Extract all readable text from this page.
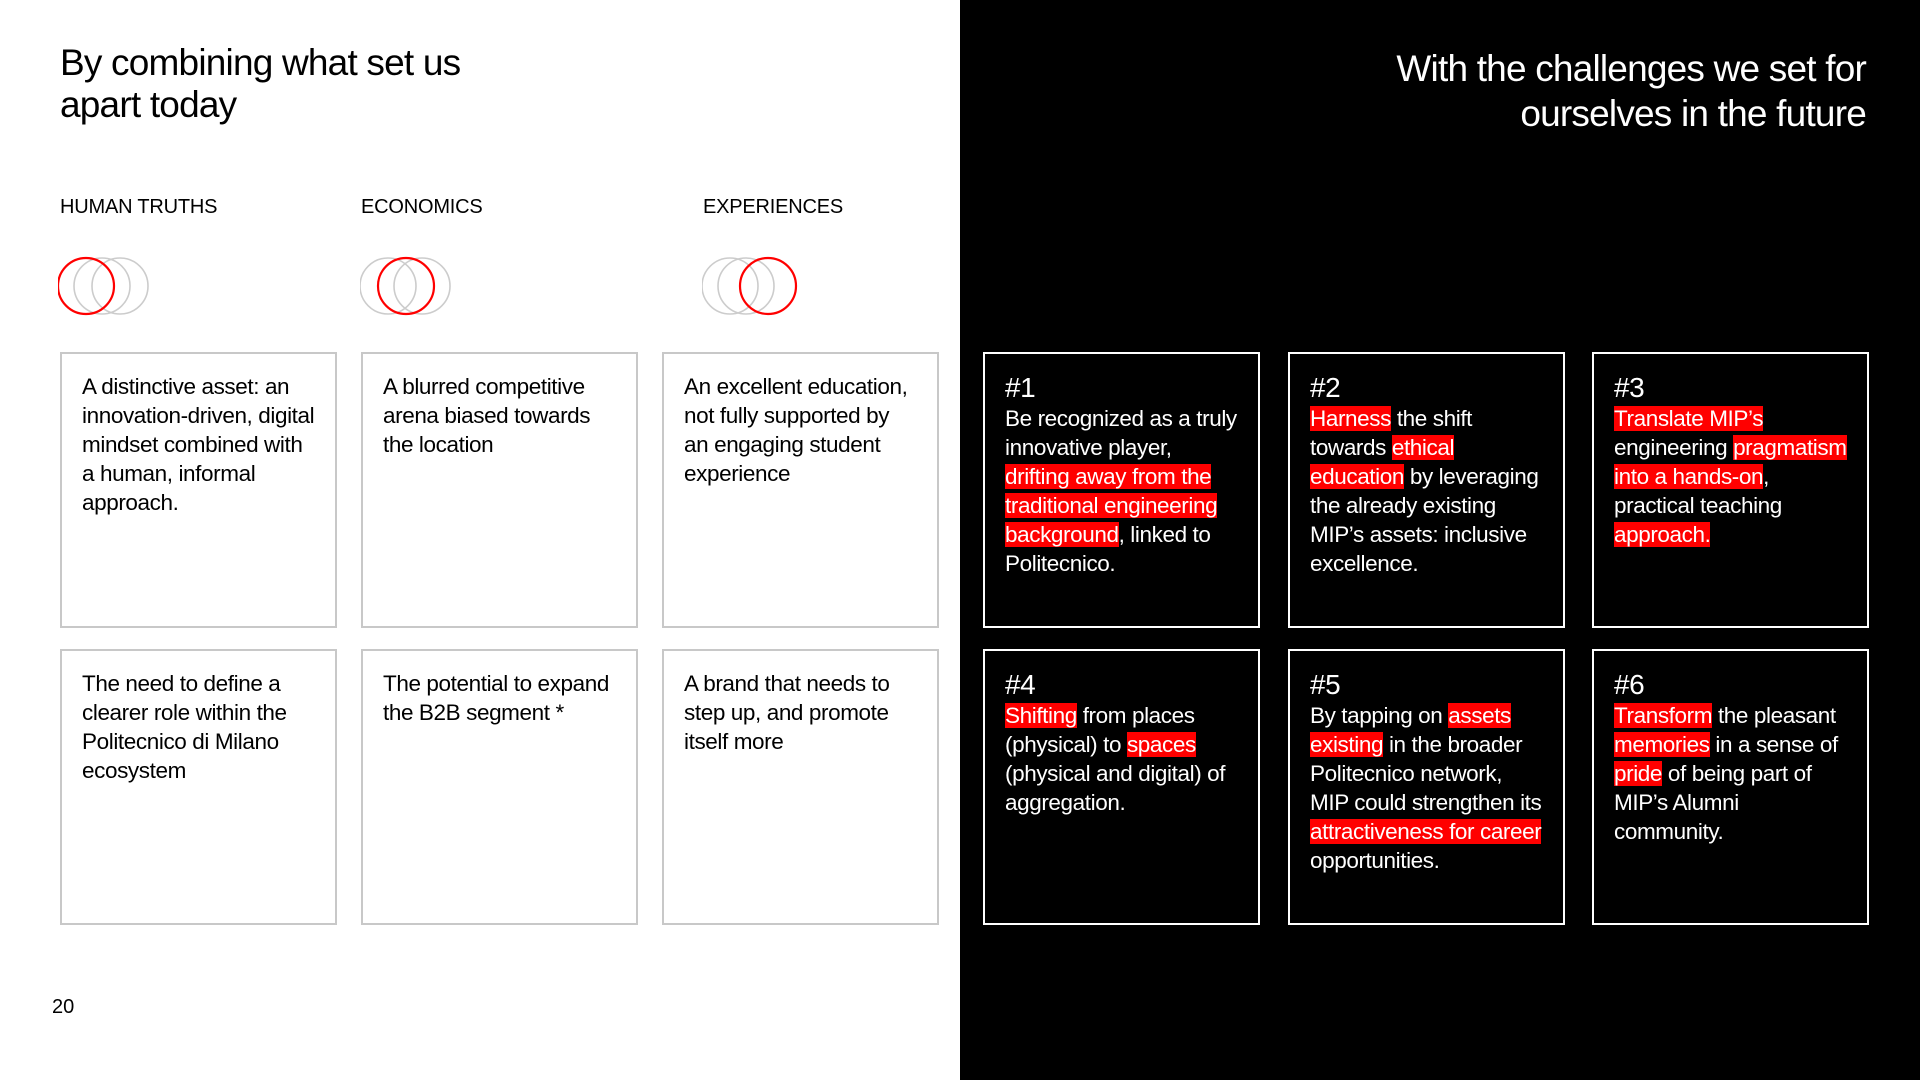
By combining what set us apart today
HUMAN TRUTHS	ECONOMICS	EXPERIENCES
A distinctive asset: an innovation-driven, digital mindset combined with a human, informal approach.
A blurred competitive arena biased towards the location
An excellent education, not fully supported by an engaging student experience
The need to define a clearer role within the Politecnico di Milano ecosystem
The potential to expand the B2B segment *
A brand that needs to step up, and promote itself more
20
With the challenges we set for ourselves in the future
#1
Be recognized as a truly innovative player, drifting away from the traditional engineering background, linked to Politecnico.
#2
Harness the shift towards ethical education by leveraging the already existing MIP’s assets: inclusive excellence.
#3
Translate MIP’s engineering pragmatism into a hands-on, practical teaching approach.
#4
Shifting from places (physical) to spaces (physical and digital) of aggregation.
#5
By tapping on assets existing in the broader Politecnico network, MIP could strengthen its attractiveness for career opportunities.
#6
Transform the pleasant memories in a sense of pride of being part of MIP’s Alumni community.
